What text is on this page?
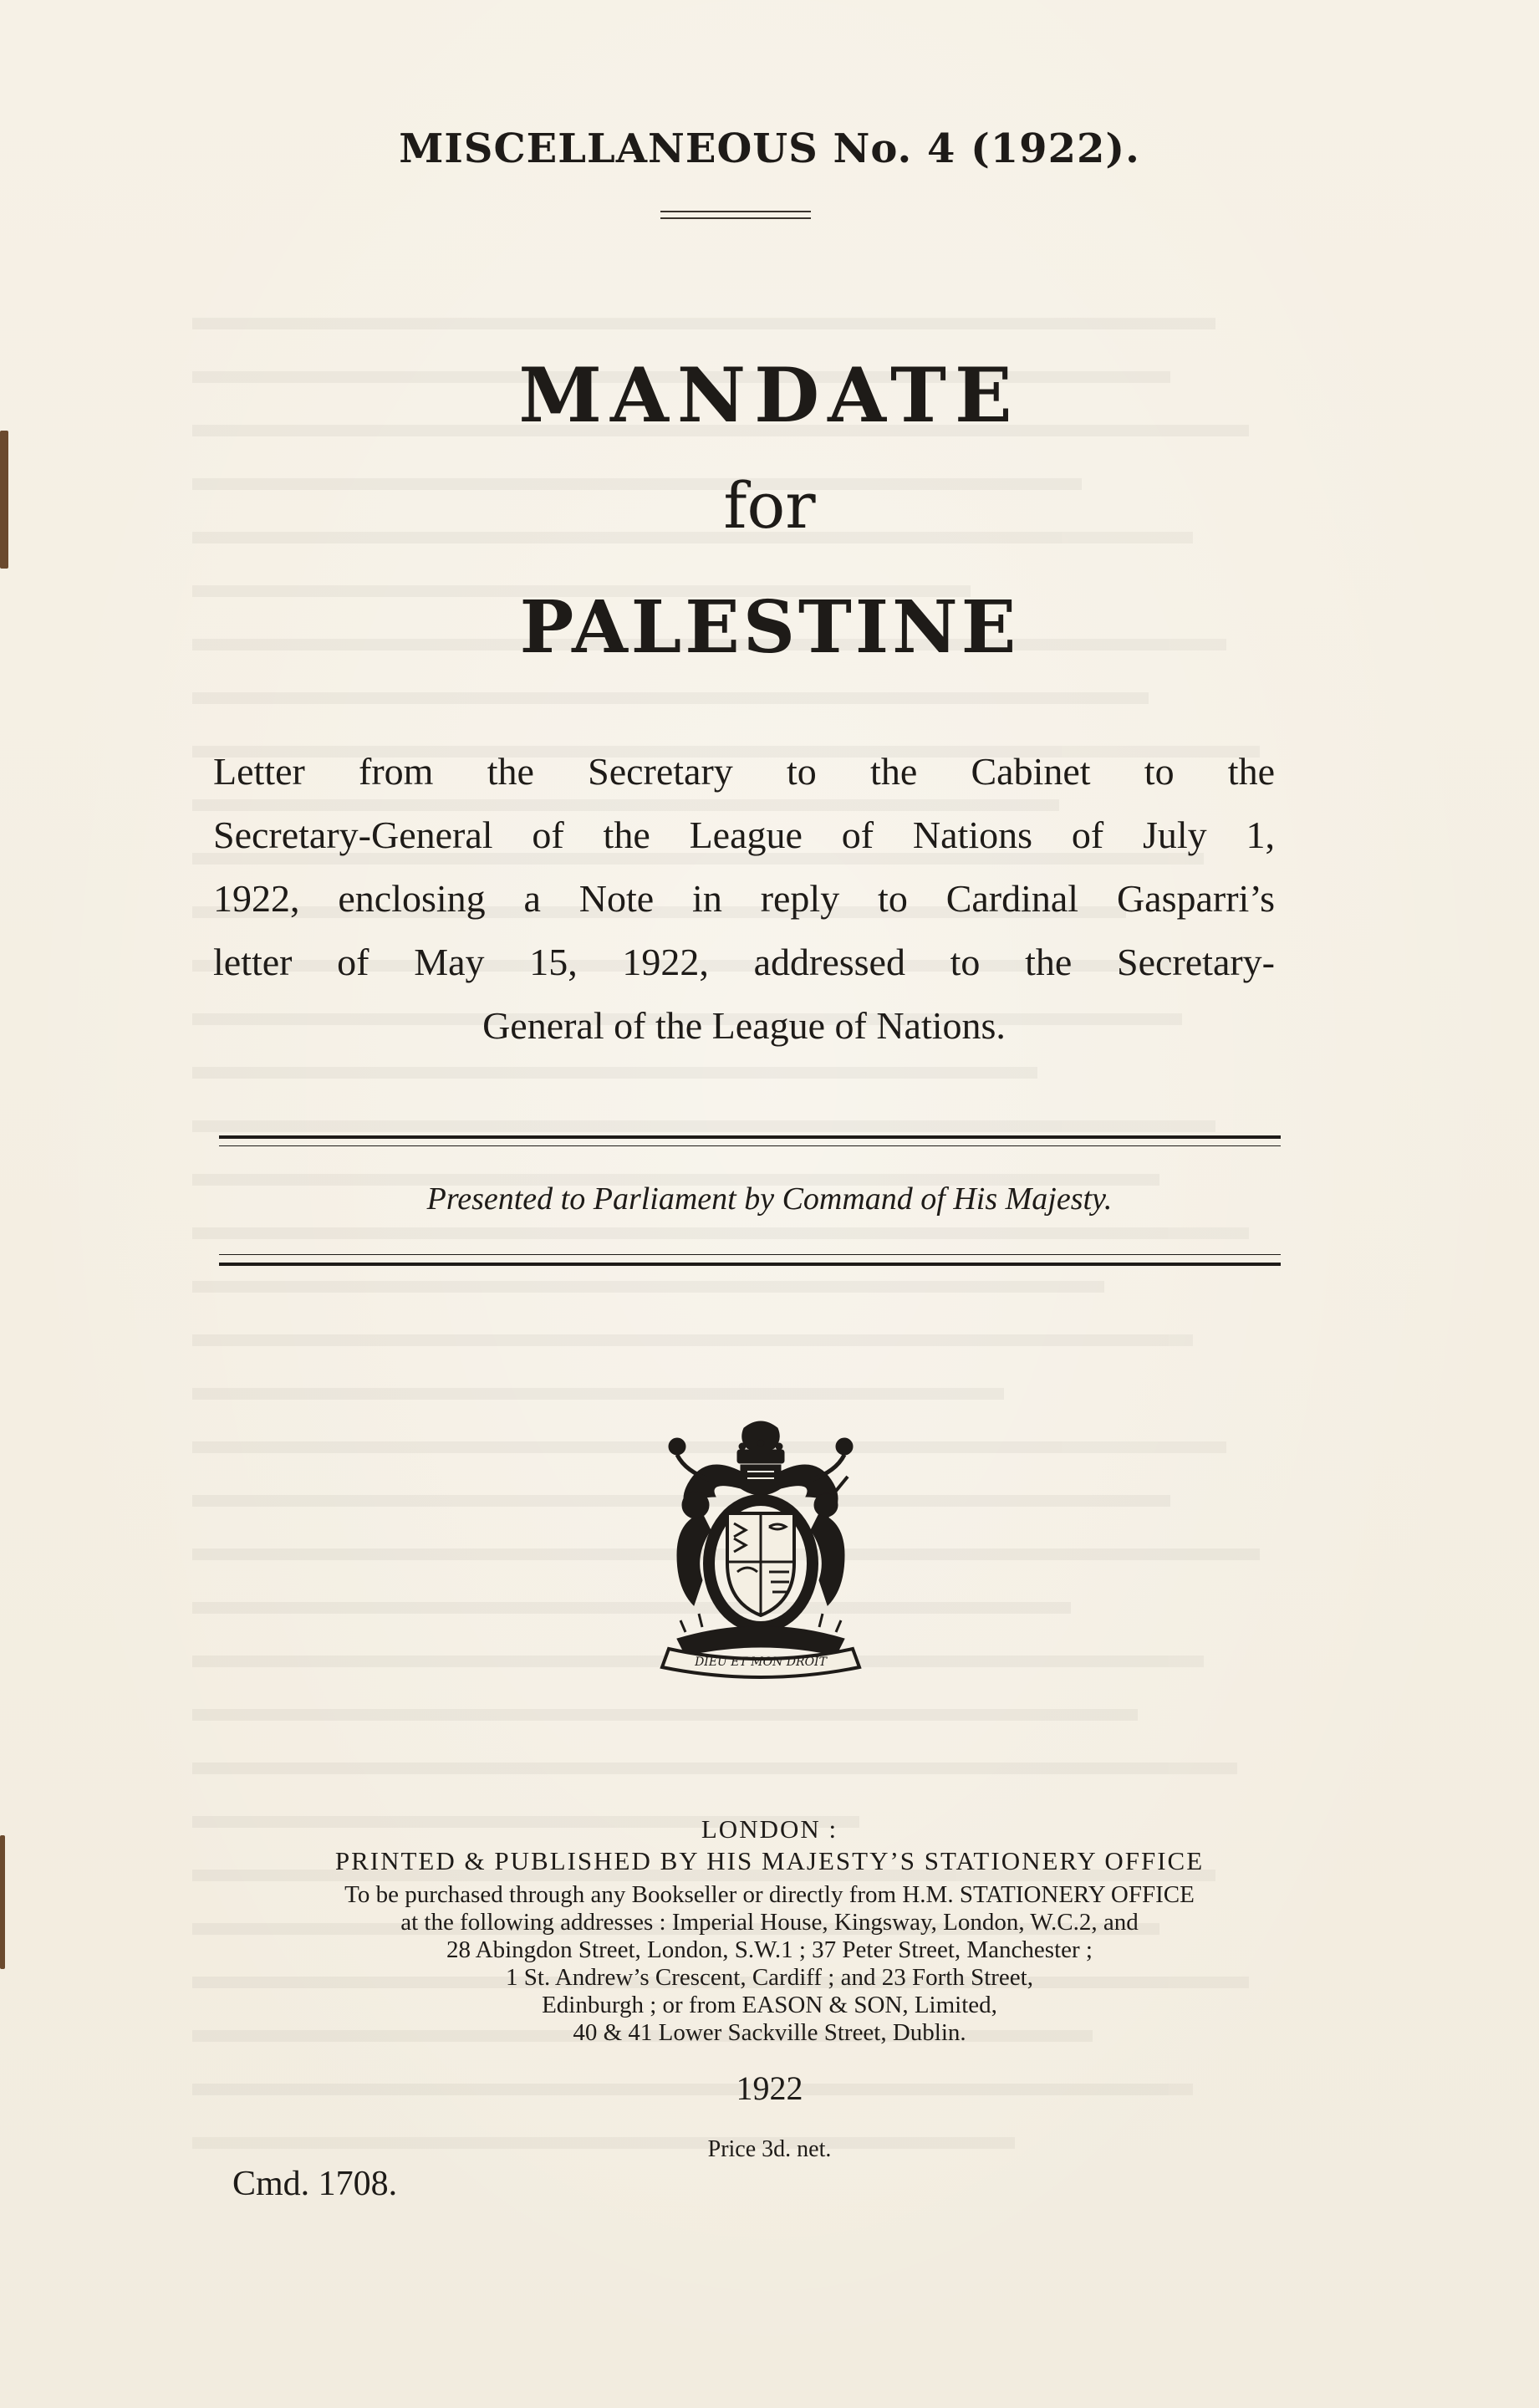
MISCELLANEOUS No. 4 (1922).
MANDATE
for
PALESTINE
Letter from the Secretary to the Cabinet to the
Secretary-General of the League of Nations of July 1,
1922, enclosing a Note in reply to Cardinal Gasparri’s
letter of May 15, 1922, addressed to the Secretary-
General of the League of Nations.
Presented to Parliament by Command of His Majesty.
DIEU ET MON DROIT
LONDON :
PRINTED & PUBLISHED BY HIS MAJESTY’S STATIONERY OFFICE
To be purchased through any Bookseller or directly from H.M. STATIONERY OFFICE
at the following addresses : Imperial House, Kingsway, London, W.C.2, and
28 Abingdon Street, London, S.W.1 ; 37 Peter Street, Manchester ;
1 St. Andrew’s Crescent, Cardiff ; and 23 Forth Street,
Edinburgh ; or from EASON & SON, Limited,
40 & 41 Lower Sackville Street, Dublin.
1922
Price 3d. net.
Cmd. 1708.
